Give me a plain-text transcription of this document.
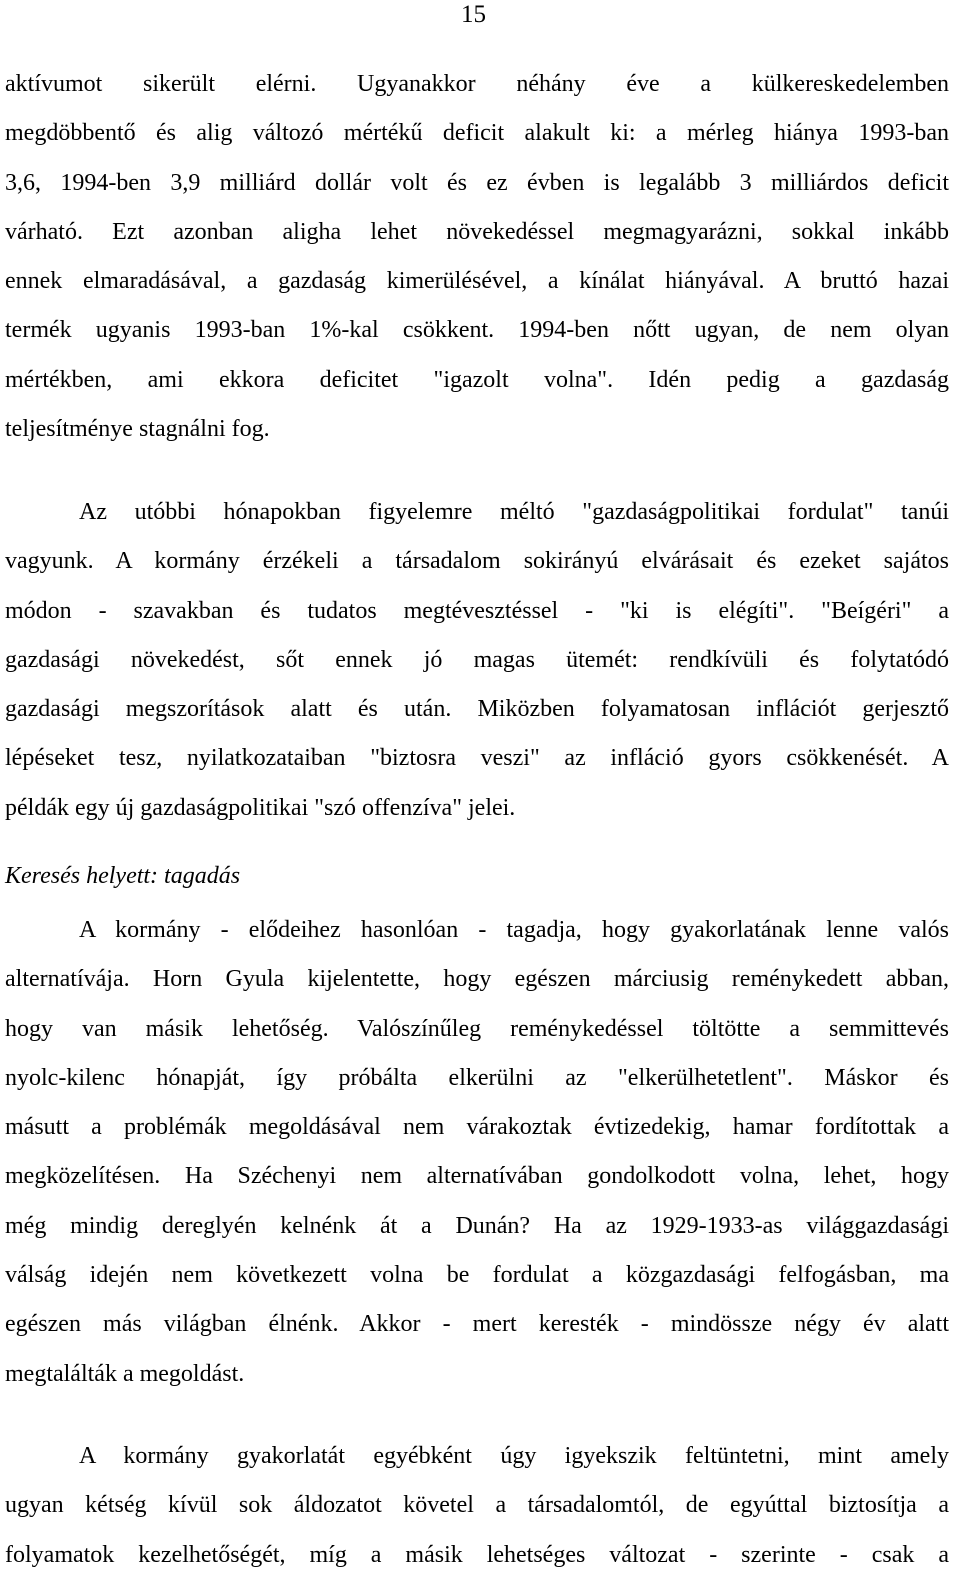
15
aktívumot sikerült elérni. Ugyanakkor néhány éve a külkereskedelemben
megdöbbentő és alig változó mértékű deficit alakult ki: a mérleg hiánya 1993-ban
3,6, 1994-ben 3,9 milliárd dollár volt és ez évben is legalább 3 milliárdos deficit
várható. Ezt azonban aligha lehet növekedéssel megmagyarázni, sokkal inkább
ennek elmaradásával, a gazdaság kimerülésével, a kínálat hiányával. A bruttó hazai
termék ugyanis 1993-ban 1%-kal csökkent. 1994-ben nőtt ugyan, de nem olyan
mértékben, ami ekkora deficitet "igazolt volna". Idén pedig a gazdaság
teljesítménye stagnálni fog.
Az utóbbi hónapokban figyelemre méltó "gazdaságpolitikai fordulat" tanúi
vagyunk. A kormány érzékeli a társadalom sokirányú elvárásait és ezeket sajátos
módon - szavakban és tudatos megtévesztéssel - "ki is elégíti". "Beígéri" a
gazdasági növekedést, sőt ennek jó magas ütemét: rendkívüli és folytatódó
gazdasági megszorítások alatt és után. Miközben folyamatosan inflációt gerjesztő
lépéseket tesz, nyilatkozataiban "biztosra veszi" az infláció gyors csökkenését. A
példák egy új gazdaságpolitikai "szó offenzíva" jelei.
Keresés helyett: tagadás
A kormány - elődeihez hasonlóan - tagadja, hogy gyakorlatának lenne valós
alternatívája. Horn Gyula kijelentette, hogy egészen márciusig reménykedett abban,
hogy van másik lehetőség. Valószínűleg reménykedéssel töltötte a semmittevés
nyolc-kilenc hónapját, így próbálta elkerülni az "elkerülhetetlent". Máskor és
másutt a problémák megoldásával nem várakoztak évtizedekig, hamar fordítottak a
megközelítésen. Ha Széchenyi nem alternatívában gondolkodott volna, lehet, hogy
még mindig dereglyén kelnénk át a Dunán? Ha az 1929-1933-as világgazdasági
válság idején nem következett volna be fordulat a közgazdasági felfogásban, ma
egészen más világban élnénk. Akkor - mert keresték - mindössze négy év alatt
megtalálták a megoldást.
A kormány gyakorlatát egyébként úgy igyekszik feltüntetni, mint amely
ugyan kétség kívül sok áldozatot követel a társadalomtól, de egyúttal biztosítja a
folyamatok kezelhetőségét, míg a másik lehetséges változat - szerinte - csak a
